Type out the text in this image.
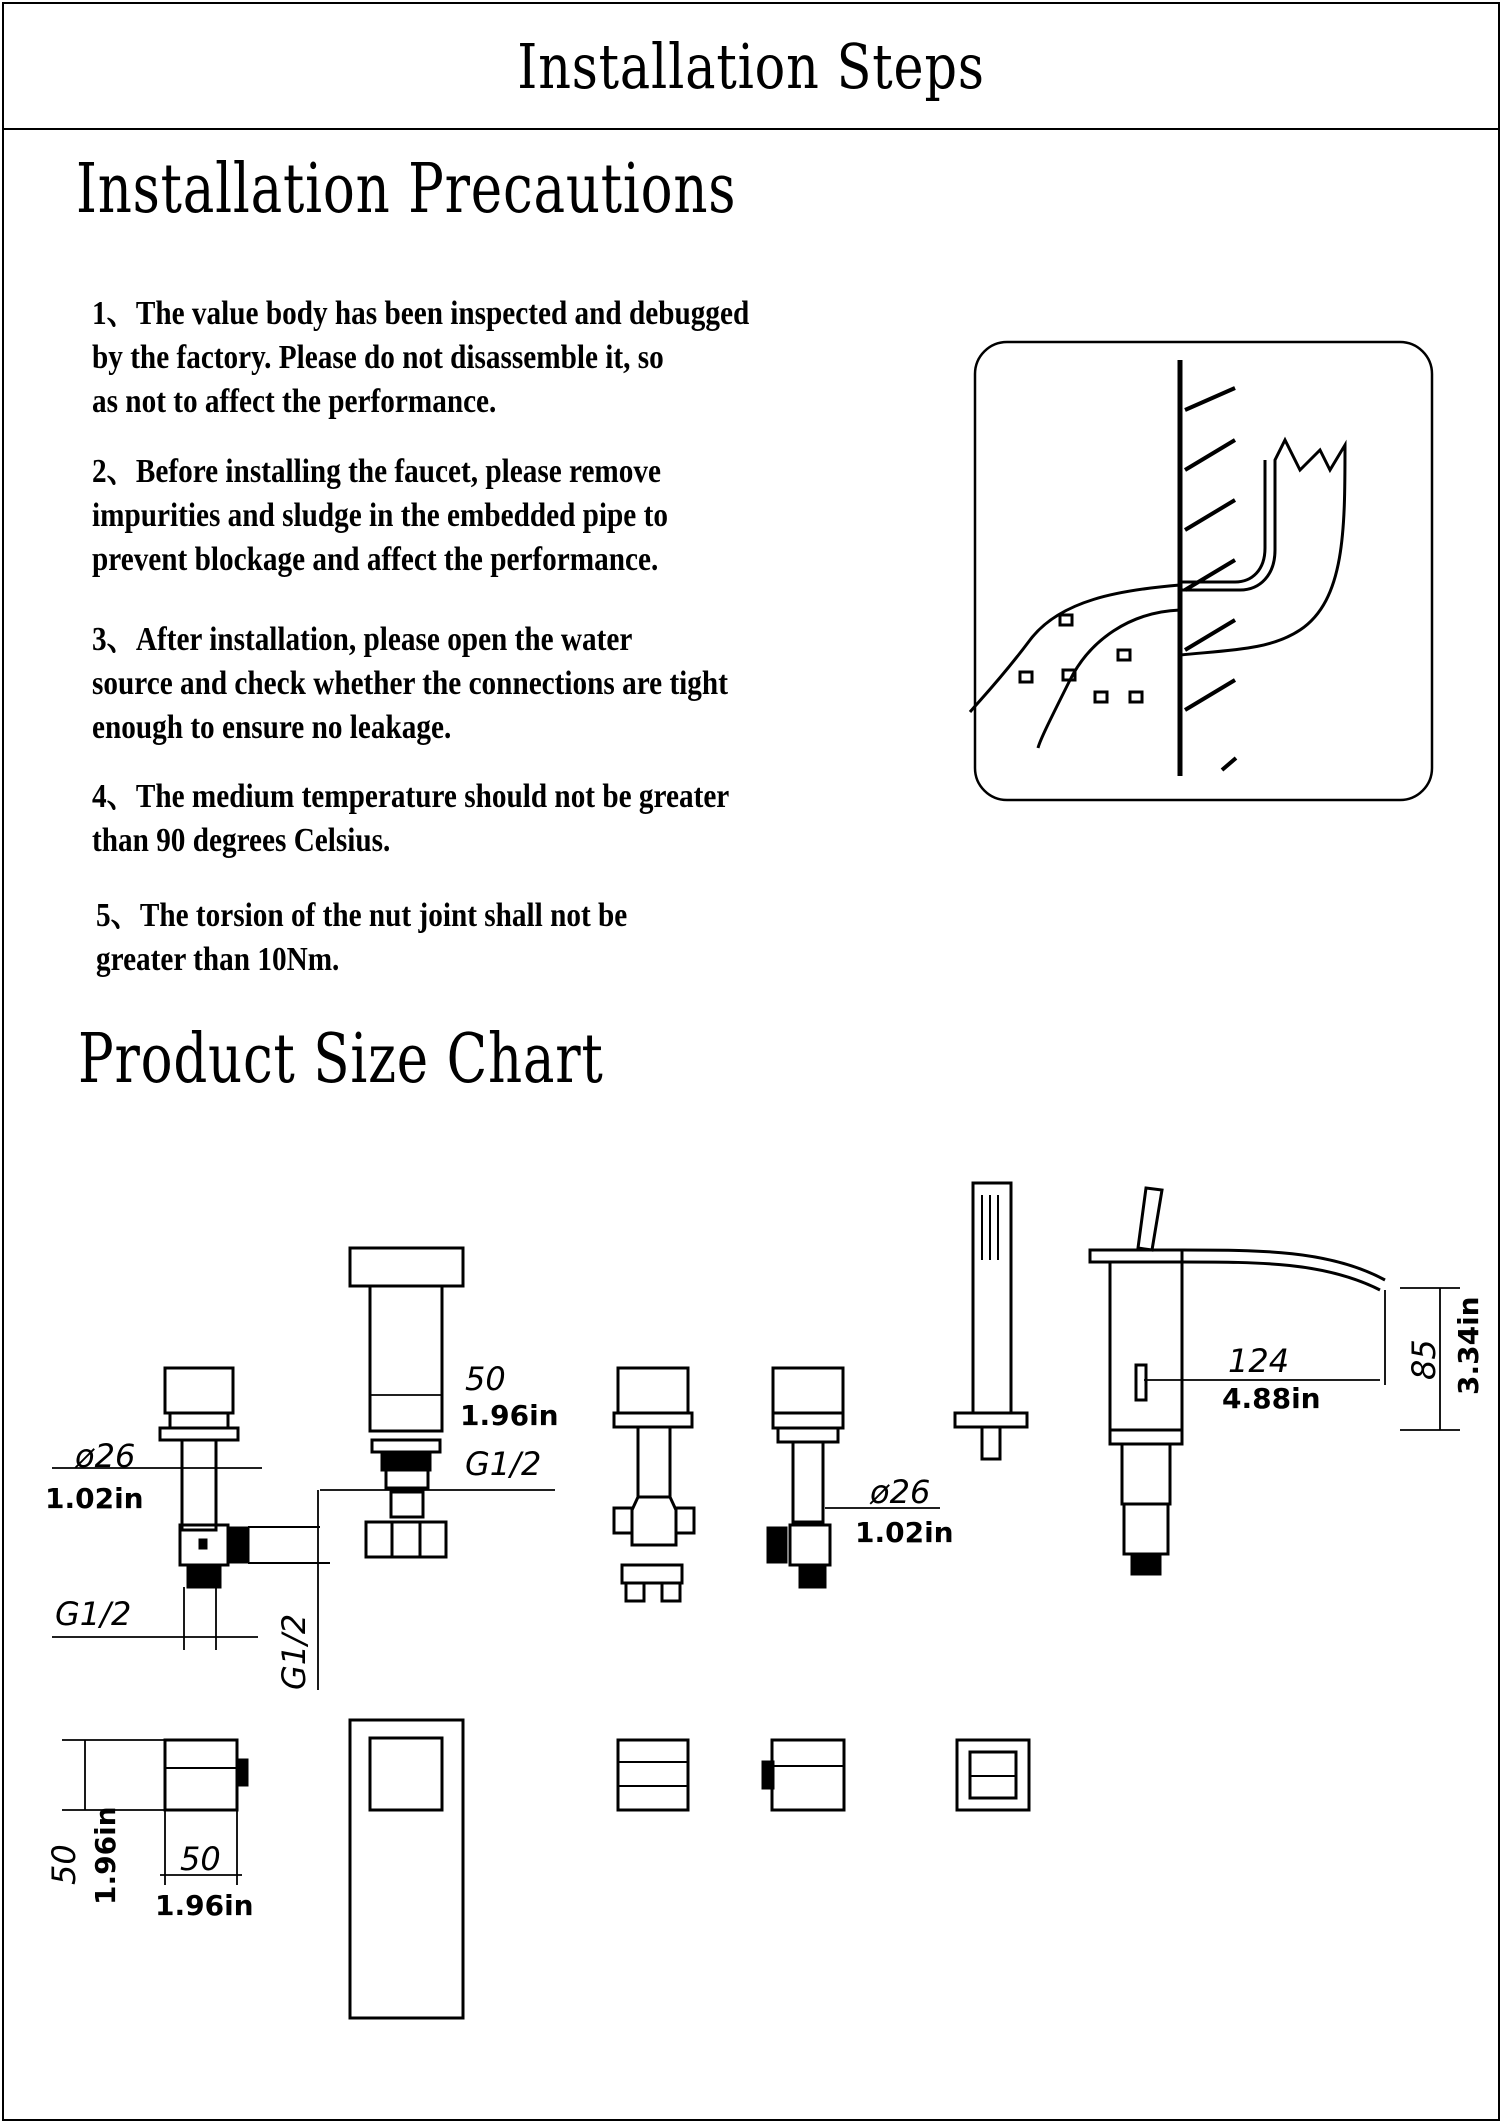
Installation Steps
Installation Precautions
1、The value body has been inspected and debugged
by the factory. Please do not disassemble it, so
as not to affect the performance.
2、Before installing the faucet, please remove
impurities and sludge in the embedded pipe to
prevent blockage and affect the performance.
3、After installation, please open the water
source and check whether the connections are tight
enough to ensure no leakage.
4、The medium temperature should not be greater
than 90 degrees Celsius.
5、The torsion of the nut joint shall not be
greater than 10Nm.
Product Size Chart
ø26
1.02in
50
1.96in
G1/2
ø26
1.02in
124
4.88in
85 3.34in
G1/2	G1/2
50 1.96in 50
1.96in
